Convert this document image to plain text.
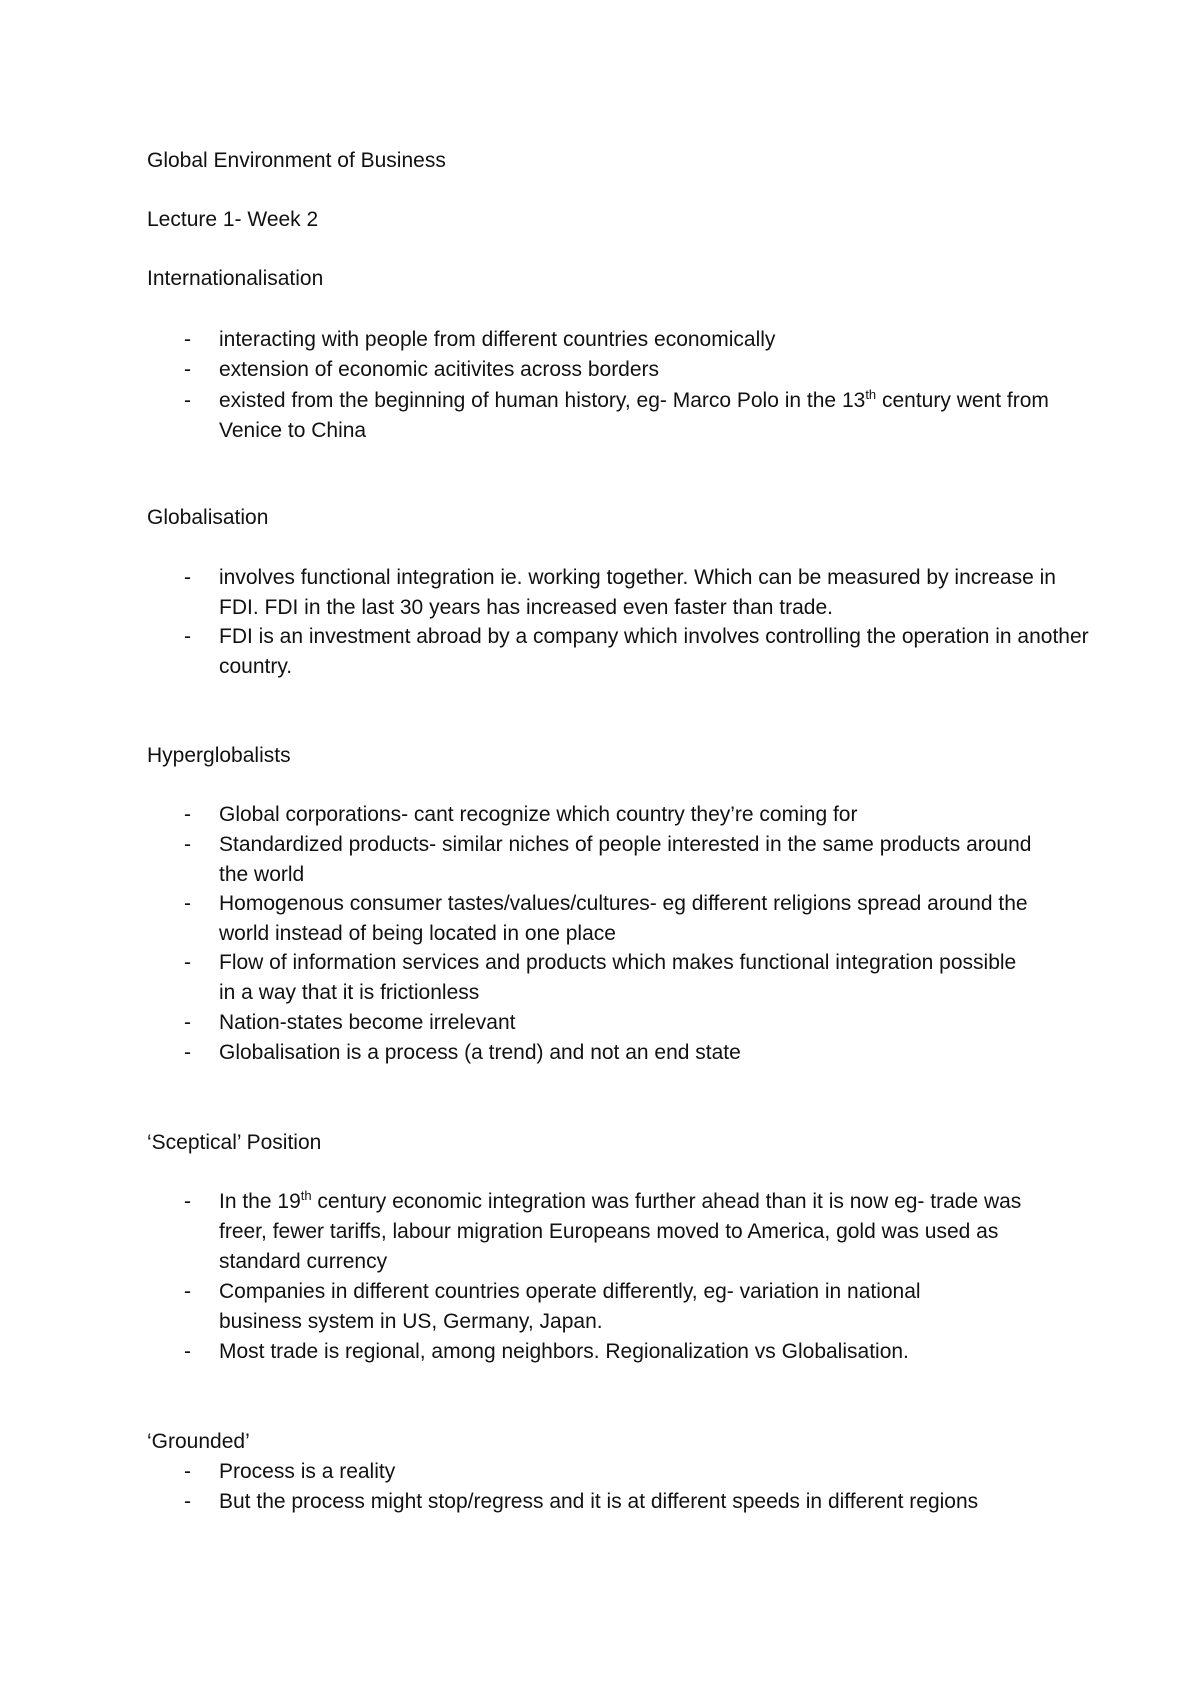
Global Environment of Business
Lecture 1- Week 2
Internationalisation
- interacting with people from different countries economically
- extension of economic acitivites across borders
- existed from the beginning of human history, eg- Marco Polo in the 13th century went from Venice to China
Globalisation
- involves functional integration ie. working together. Which can be measured by increase in FDI. FDI in the last 30 years has increased even faster than trade.
- FDI is an investment abroad by a company which involves controlling the operation in another country.
Hyperglobalists
- Global corporations- cant recognize which country they’re coming for
- Standardized products- similar niches of people interested in the same products around the world
- Homogenous consumer tastes/values/cultures- eg different religions spread around the world instead of being located in one place
- Flow of information services and products which makes functional integration possible in a way that it is frictionless
- Nation-states become irrelevant
- Globalisation is a process (a trend) and not an end state
‘Sceptical’ Position
- In the 19th century economic integration was further ahead than it is now eg- trade was freer, fewer tariffs, labour migration Europeans moved to America, gold was used as standard currency
- Companies in different countries operate differently, eg- variation in national business system in US, Germany, Japan.
- Most trade is regional, among neighbors. Regionalization vs Globalisation.
‘Grounded’
- Process is a reality
- But the process might stop/regress and it is at different speeds in different regions
